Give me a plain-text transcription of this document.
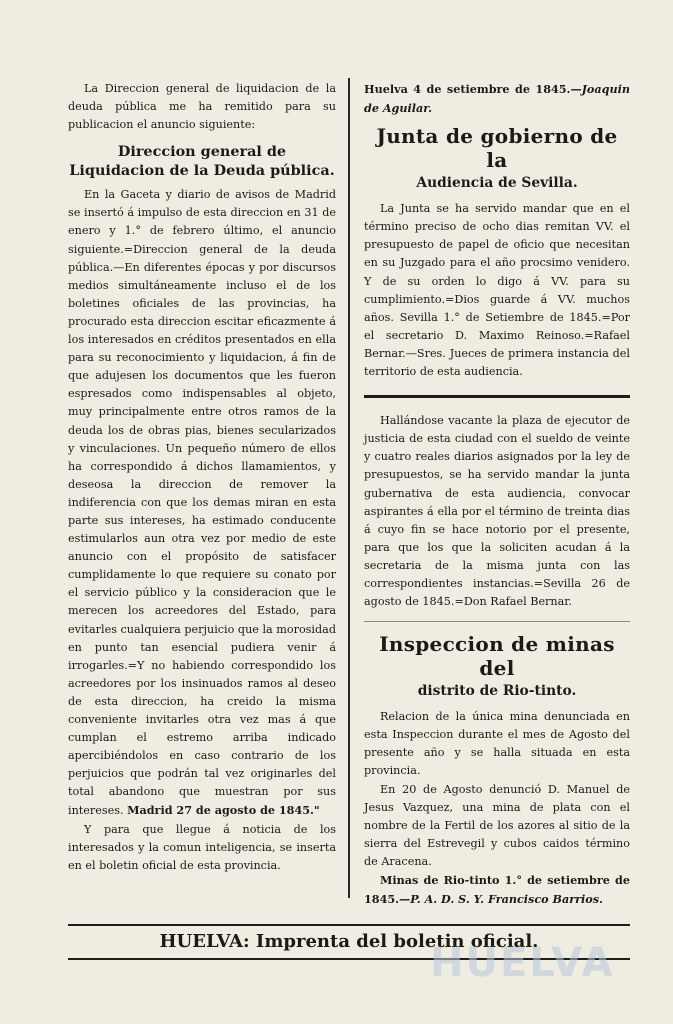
La Direccion general de liquidacion de la deuda pública me ha remitido para su publicacion el anuncio siguiente:

Direccion general de Liquidacion de la Deuda pública.

En la Gaceta y diario de avisos de Madrid se insertó á impulso de esta direccion en 31 de enero y 1.° de febrero último, el anuncio siguiente.=Direccion general de la deuda pública.—En diferentes épocas y por discursos medios simultáneamente incluso el de los boletines oficiales de las provincias, ha procurado esta direccion escitar eficazmente á los interesados en créditos presentados en ella para su reconocimiento y liquidacion, á fin de que adujesen los documentos que les fueron espresados como indispensables al objeto, muy principalmente entre otros ramos de la deuda los de obras pias, bienes secularizados y vinculaciones. Un pequeño número de ellos ha correspondido á dichos llamamientos, y deseosa la direccion de remover la indiferencia con que los demas miran en esta parte sus intereses, ha estimado conducente estimularlos aun otra vez por medio de este anuncio con el propósito de satisfacer cumplidamente lo que requiere su conato por el servicio público y la consideracion que le merecen los acreedores del Estado, para evitarles cualquiera perjuicio que la morosidad en punto tan esencial pudiera venir á irrogarles.=Y no habiendo correspondido los acreedores por los insinuados ramos al deseo de esta direccion, ha creido la misma conveniente invitarles otra vez mas á que cumplan el estremo arriba indicado apercibiéndolos en caso contrario de los perjuicios que podrán tal vez originarles del total abandono que muestran por sus intereses. Madrid 27 de agosto de 1845."

Y para que llegue á noticia de los interesados y la comun inteligencia, se inserta en el boletin oficial de esta provincia.

Huelva 4 de setiembre de 1845.—Joaquin de Aguilar.

Junta de gobierno de la
Audiencia de Sevilla.

La Junta se ha servido mandar que en el término preciso de ocho dias remitan VV. el presupuesto de papel de oficio que necesitan en su Juzgado para el año procsimo venidero. Y de su orden lo digo á VV. para su cumplimiento.=Dios guarde á VV. muchos años. Sevilla 1.° de Setiembre de 1845.=Por el secretario D. Maximo Reinoso.=Rafael Bernar.—Sres. Jueces de primera instancia del territorio de esta audiencia.

Hallándose vacante la plaza de ejecutor de justicia de esta ciudad con el sueldo de veinte y cuatro reales diarios asignados por la ley de presupuestos, se ha servido mandar la junta gubernativa de esta audiencia, convocar aspirantes á ella por el término de treinta dias á cuyo fin se hace notorio por el presente, para que los que la soliciten acudan á la secretaria de la misma junta con las correspondientes instancias.=Sevilla 26 de agosto de 1845.=Don Rafael Bernar.

Inspeccion de minas del
distrito de Rio-tinto.

Relacion de la única mina denunciada en esta Inspeccion durante el mes de Agosto del presente año y se halla situada en esta provincia.

En 20 de Agosto denunció D. Manuel de Jesus Vazquez, una mina de plata con el nombre de la Fertil de los azores al sitio de la sierra del Estrevegil y cubos caidos término de Aracena.

Minas de Rio-tinto 1.° de setiembre de 1845.—P. A. D. S. Y. Francisco Barrios.

HUELVA: Imprenta del boletin oficial.
HUELVA
